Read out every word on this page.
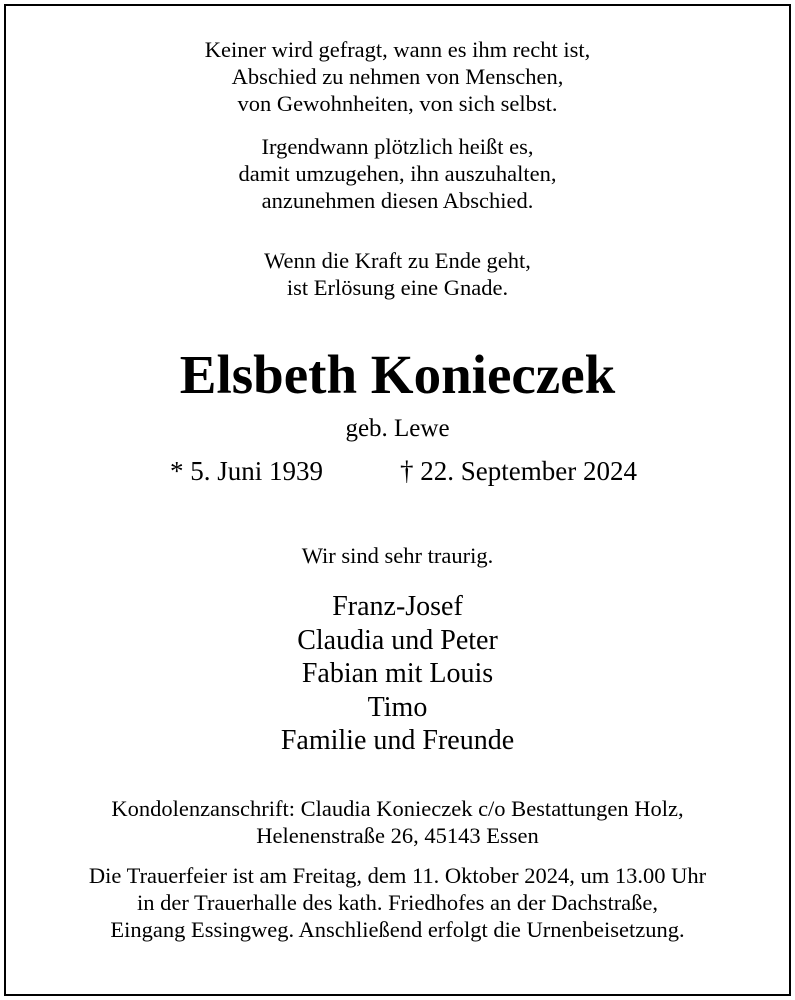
Keiner wird gefragt, wann es ihm recht ist,
Abschied zu nehmen von Menschen,
von Gewohnheiten, von sich selbst.
Irgendwann plötzlich heißt es,
damit umzugehen, ihn auszuhalten,
anzunehmen diesen Abschied.
Wenn die Kraft zu Ende geht,
ist Erlösung eine Gnade.
Elsbeth Konieczek
geb. Lewe
* 5. Juni 1939	† 22. September 2024
Wir sind sehr traurig.
Franz-Josef
Claudia und Peter
Fabian mit Louis
Timo
Familie und Freunde
Kondolenzanschrift: Claudia Konieczek c/o Bestattungen Holz,
Helenenstraße 26, 45143 Essen
Die Trauerfeier ist am Freitag, dem 11. Oktober 2024, um 13.00 Uhr
in der Trauerhalle des kath. Friedhofes an der Dachstraße,
Eingang Essingweg. Anschließend erfolgt die Urnenbeisetzung.
